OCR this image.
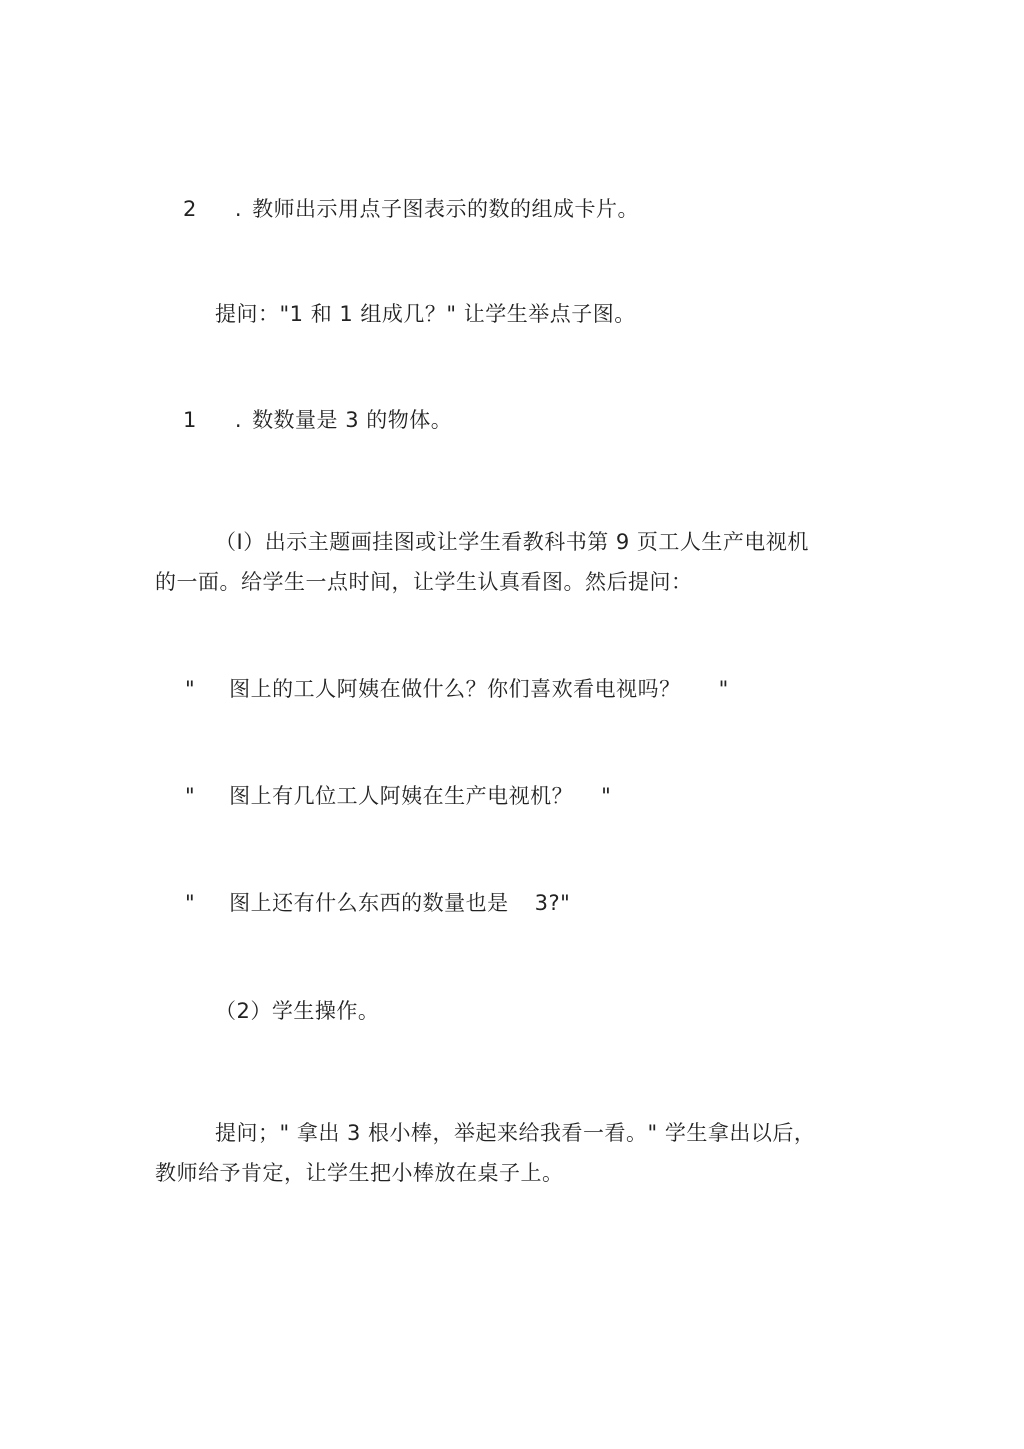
2 . 教师出示用点子图表示的数的组成卡片。
提问："1 和 1 组成几？" 让学生举点子图。
1 . 数数量是 3 的物体。
（I）出示主题画挂图或让学生看教科书第 9 页工人生产电视机
的一面。给学生一点时间，让学生认真看图。然后提问：
" 图上的工人阿姨在做什么？你们喜欢看电视吗？ "
" 图上有几位工人阿姨在生产电视机？ "
" 图上还有什么东西的数量也是 3?"
（2）学生操作。
提问；" 拿出 3 根小棒，举起来给我看一看。" 学生拿出以后，
教师给予肯定，让学生把小棒放在桌子上。
